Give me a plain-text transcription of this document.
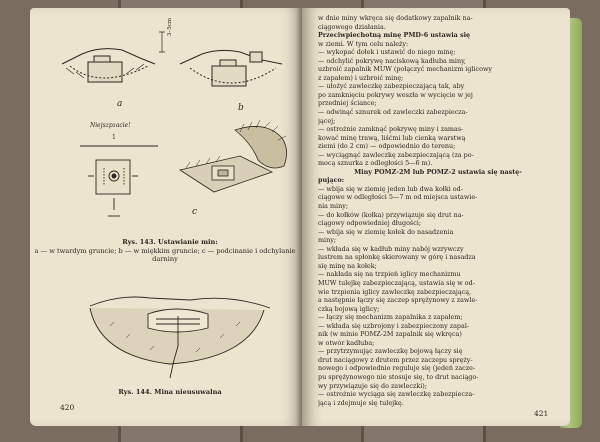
3–5cm
a	b
Niejszpzacie!
1
c
Rys. 143. Ustawianie min:
a — w twardym gruncie; b — w miękkim gruncie; c — podcinanie i odchylanie darniny
Rys. 144. Mina nieusuwalna
420
w dnie miny wkręca się dodatkowy zapalnik na-
ciągowego działania.
Przeciwpiechotną minę PMD-6 ustawia się
w ziemi. W tym celu należy:
— wykopać dołek i ustawić do niego minę;
— odchylić pokrywę naciskową kadłuba miny,
uzbroić zapalnik MUW (połączyć mechanizm iglicowy
z zapałem) i uzbroić minę;
— ułożyć zawleczkę zabezpieczającą tak, aby
po zamknięciu pokrywy weszła w wycięcie w jej
przedniej ściance;
— odwinąć sznurek od zawleczki zabezpiecza-
jącej;
— ostrożnie zamknąć pokrywę miny i zamas-
kować minę trawą, liśćmi lub cienką warstwą
ziemi (do 2 cm) — odpowiednio do terenu;
— wyciągnąć zawleczkę zabezpieczającą (za po-
mocą sznurka z odległości 5—6 m).
Miny POMZ-2M lub POMZ-2 ustawia się nastę-
pująco:
— wbija się w ziemię jeden lub dwa kołki od-
ciągowe w odległości 5—7 m od miejsca ustawie-
nia miny;
— do kołków (kołka) przywiązuje się drut na-
ciągowy odpowiedniej długości;
— wbija się w ziemię kołek do nasadzenia
miny;
— wkłada się w kadłub miny nabój wzrywczy
lustrem na spłonkę skierowany w górę i nasadza
się minę na kołek;
— nakłada się na trzpień iglicy mechanizmu
MUW tulejkę zabezpieczającą, ustawia się w od-
wie trzpienia iglicy zawleczkę zabezpieczającą,
a następnie łączy się zaczep sprężynowy z zawle-
czką bojową iglicy;
— łączy się mechanizm zapalnika z zapałem;
— wkłada się uzbrojony i zabezpieczony zapal-
nik (w minie POMZ-2M zapalnik się wkręca)
w otwór kadłuba;
— przytrzymując zawleczkę bojową łączy się
drut naciągowy z drutem przez zaczepu spręży-
nowego i odpowiednio reguluje się (jedeń zacze-
pu sprężynowego nie stosuje się, to drut naciągo-
wy przywiązuje się do zawleczki);
— ostrożnie wyciąga się zawleczkę zabezpiecza-
jącą i zdejmuje się tulejkę.
421
